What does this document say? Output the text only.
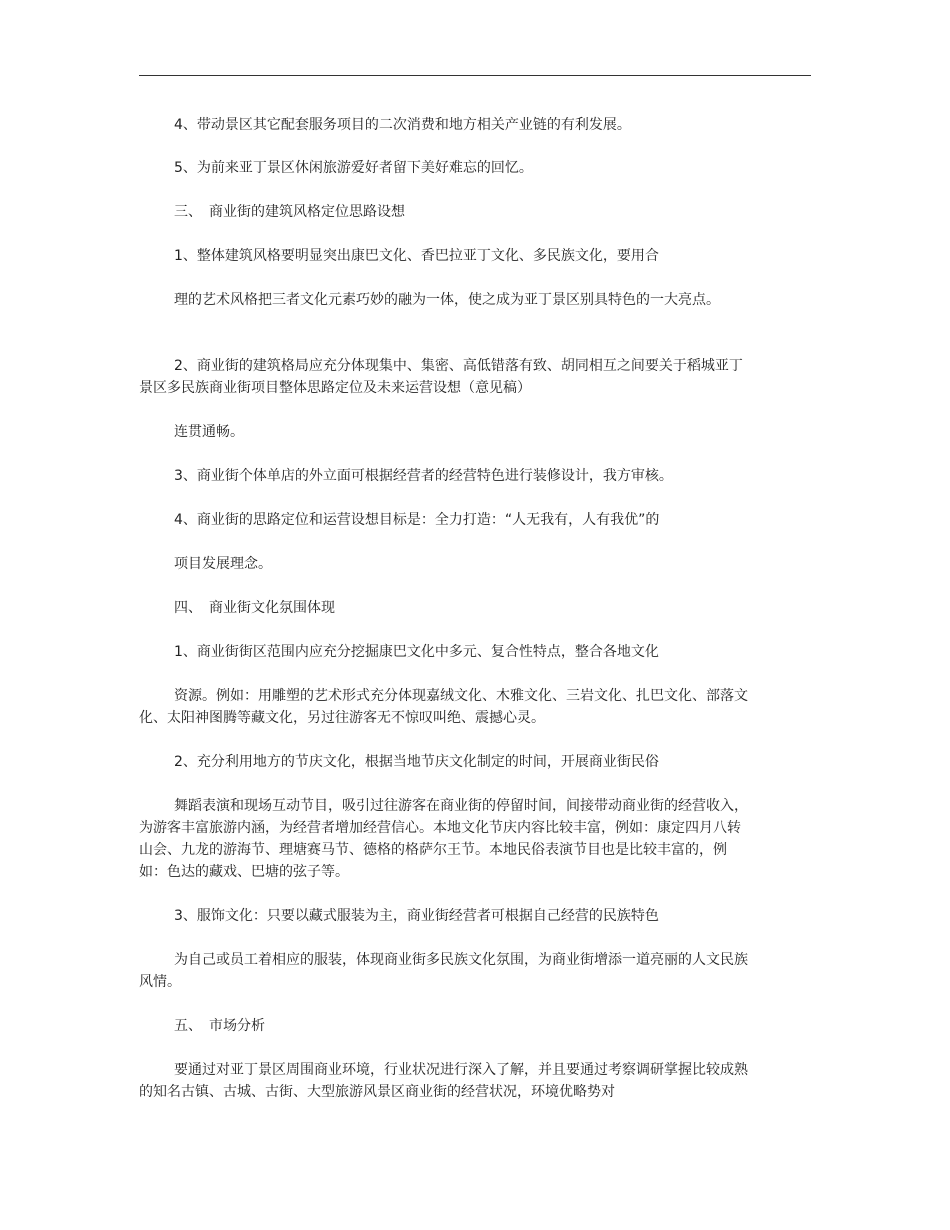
4、带动景区其它配套服务项目的二次消费和地方相关产业链的有利发展。

5、为前来亚丁景区休闲旅游爱好者留下美好难忘的回忆。

三、　商业街的建筑风格定位思路设想

1、整体建筑风格要明显突出康巴文化、香巴拉亚丁文化、多民族文化，要用合

理的艺术风格把三者文化元素巧妙的融为一体，使之成为亚丁景区别具特色的一大亮点。

2、商业街的建筑格局应充分体现集中、集密、高低错落有致、胡同相互之间要关于稻城亚丁景区多民族商业街项目整体思路定位及未来运营设想（意见稿）

连贯通畅。

3、商业街个体单店的外立面可根据经营者的经营特色进行装修设计，我方审核。

4、商业街的思路定位和运营设想目标是：全力打造：“人无我有，人有我优”的

项目发展理念。

四、　商业街文化氛围体现

1、商业街街区范围内应充分挖掘康巴文化中多元、复合性特点，整合各地文化

资源。例如：用雕塑的艺术形式充分体现嘉绒文化、木雅文化、三岩文化、扎巴文化、部落文化、太阳神图腾等藏文化，另过往游客无不惊叹叫绝、震撼心灵。

2、充分利用地方的节庆文化，根据当地节庆文化制定的时间，开展商业街民俗

舞蹈表演和现场互动节目，吸引过往游客在商业街的停留时间，间接带动商业街的经营收入，为游客丰富旅游内涵，为经营者增加经营信心。本地文化节庆内容比较丰富，例如：康定四月八转山会、九龙的游海节、理塘赛马节、德格的格萨尔王节。本地民俗表演节目也是比较丰富的，例如：色达的藏戏、巴塘的弦子等。

3、服饰文化：只要以藏式服装为主，商业街经营者可根据自己经营的民族特色

为自己或员工着相应的服装，体现商业街多民族文化氛围，为商业街增添一道亮丽的人文民族风情。

五、　市场分析

要通过对亚丁景区周围商业环境，行业状况进行深入了解，并且要通过考察调研掌握比较成熟的知名古镇、古城、古街、大型旅游风景区商业街的经营状况，环境优略势对
